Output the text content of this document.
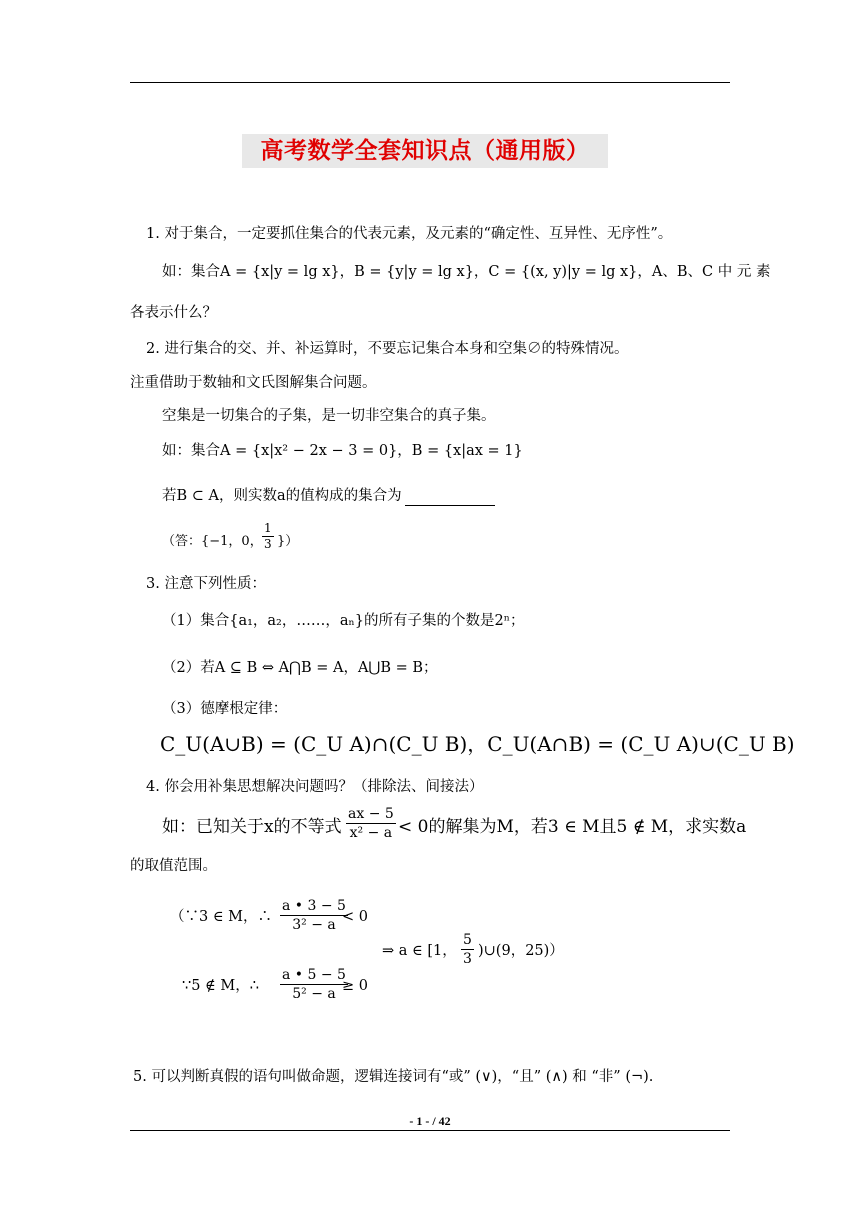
高考数学全套知识点（通用版）
1. 对于集合，一定要抓住集合的代表元素，及元素的“确定性、互异性、无序性”。
如：集合A = {x|y = lg x}，B = {y|y = lg x}，C = {(x, y)|y = lg x}，A、B、C 中 元 素
各表示什么？
2. 进行集合的交、并、补运算时，不要忘记集合本身和空集∅的特殊情况。
注重借助于数轴和文氏图解集合问题。
空集是一切集合的子集，是一切非空集合的真子集。
如：集合A = {x|x² − 2x − 3 = 0}，B = {x|ax = 1}
若B ⊂ A，则实数a的值构成的集合为
（答：{−1，0，
1
3 }）
3. 注意下列性质：
（1）集合{a₁，a₂，……，aₙ}的所有子集的个数是2ⁿ；
（2）若A ⊆ B ⇔ A⋂B = A，A⋃B = B；
（3）德摩根定律：
C_U(A∪B) = (C_U A)∩(C_U B)，C_U(A∩B) = (C_U A)∪(C_U B)
4. 你会用补集思想解决问题吗？（排除法、间接法）
如：已知关于x的不等式
ax − 5
x² − a < 0的解集为M，若3 ∈ M且5 ∉ M，求实数a
的取值范围。
（∵3 ∈ M，∴
a • 3 − 5
3² − a < 0
⇒ a ∈ [1，
5
3 )∪(9，25)）
∵5 ∉ M，∴
a • 5 − 5
5² − a ≥ 0
5. 可以判断真假的语句叫做命题，逻辑连接词有“或” (∨)，“且” (∧) 和 “非” (¬).
- 1 - / 42
